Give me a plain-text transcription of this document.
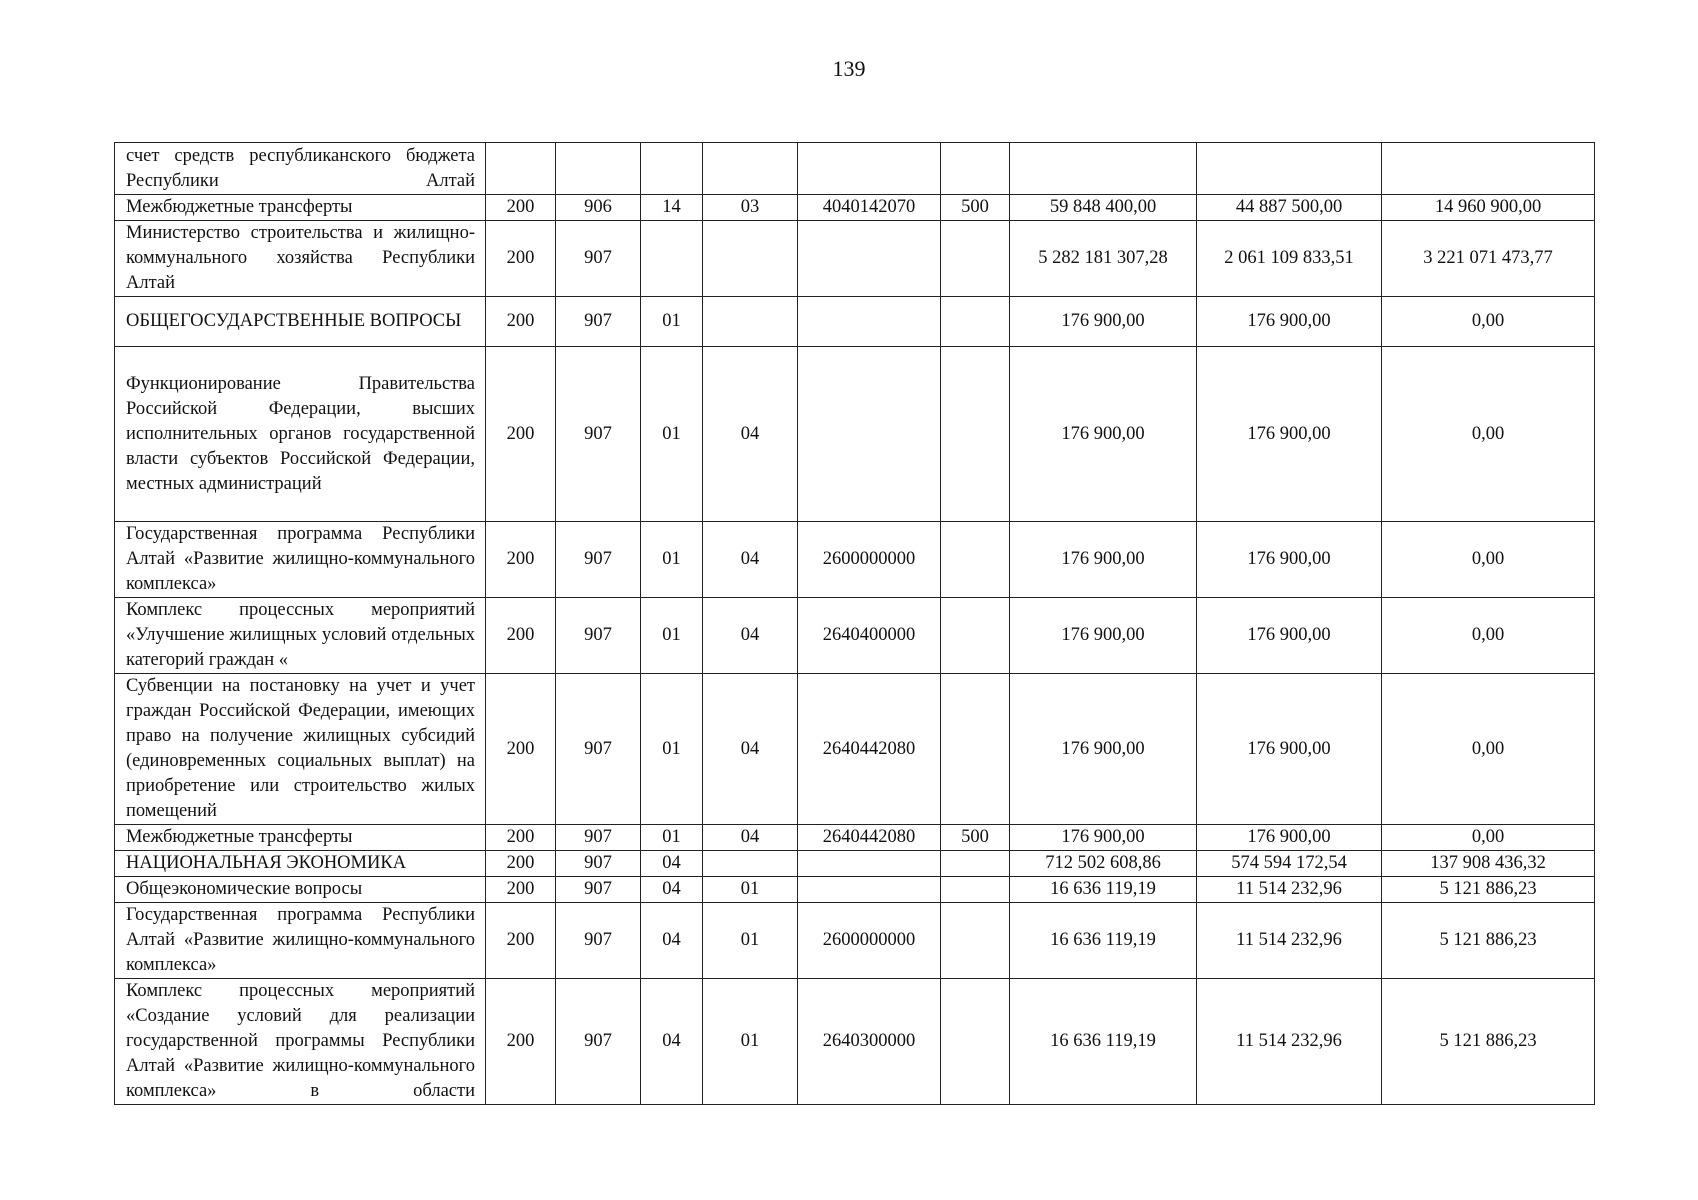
139
счет средств республиканского бюджета Республики Алтай									
Межбюджетные трансферты	200	906	14	03	4040142070	500	59 848 400,00	44 887 500,00	14 960 900,00
Министерство строительства и жилищно-коммунального хозяйства Республики Алтай	200	907					5 282 181 307,28	2 061 109 833,51	3 221 071 473,77
ОБЩЕГОСУДАРСТВЕННЫЕ ВОПРОСЫ	200	907	01				176 900,00	176 900,00	0,00
Функционирование Правительства Российской Федерации, высших исполнительных органов государственной власти субъектов Российской Федерации, местных администраций	200	907	01	04			176 900,00	176 900,00	0,00
Государственная программа Республики Алтай «Развитие жилищно-коммунального комплекса»	200	907	01	04	2600000000		176 900,00	176 900,00	0,00
Комплекс процессных мероприятий «Улучшение жилищных условий отдельных категорий граждан «	200	907	01	04	2640400000		176 900,00	176 900,00	0,00
Субвенции на постановку на учет и учет граждан Российской Федерации, имеющих право на получение жилищных субсидий (единовременных социальных выплат) на приобретение или строительство жилых помещений	200	907	01	04	2640442080		176 900,00	176 900,00	0,00
Межбюджетные трансферты	200	907	01	04	2640442080	500	176 900,00	176 900,00	0,00
НАЦИОНАЛЬНАЯ ЭКОНОМИКА	200	907	04				712 502 608,86	574 594 172,54	137 908 436,32
Общеэкономические вопросы	200	907	04	01			16 636 119,19	11 514 232,96	5 121 886,23
Государственная программа Республики Алтай «Развитие жилищно-коммунального комплекса»	200	907	04	01	2600000000		16 636 119,19	11 514 232,96	5 121 886,23
Комплекс процессных мероприятий «Создание условий для реализации государственной программы Республики Алтай «Развитие жилищно-коммунального комплекса» в области	200	907	04	01	2640300000		16 636 119,19	11 514 232,96	5 121 886,23
